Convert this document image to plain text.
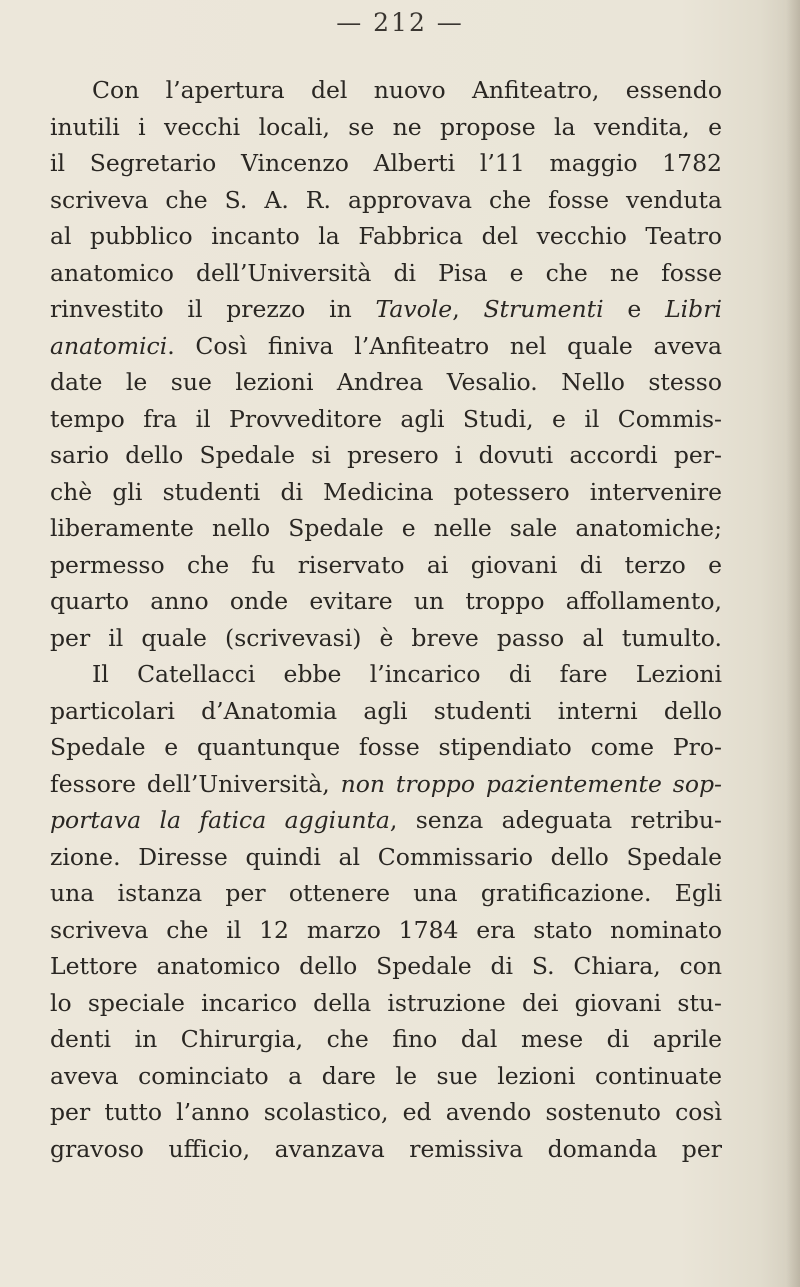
— 212 —
Con l’apertura del nuovo Anfiteatro, essendo
inutili i vecchi locali, se ne propose la vendita, e
il Segretario Vincenzo Alberti l’11 maggio 1782
scriveva che S. A. R. approvava che fosse venduta
al pubblico incanto la Fabbrica del vecchio Teatro
anatomico dell’Università di Pisa e che ne fosse
rinvestito il prezzo in Tavole, Strumenti e Libri
anatomici. Così finiva l’Anfiteatro nel quale aveva
date le sue lezioni Andrea Vesalio. Nello stesso
tempo fra il Provveditore agli Studi, e il Commis-
sario dello Spedale si presero i dovuti accordi per-
chè gli studenti di Medicina potessero intervenire
liberamente nello Spedale e nelle sale anatomiche;
permesso che fu riservato ai giovani di terzo e
quarto anno onde evitare un troppo affollamento,
per il quale (scrivevasi) è breve passo al tumulto.
Il Catellacci ebbe l’incarico di fare Lezioni
particolari d’Anatomia agli studenti interni dello
Spedale e quantunque fosse stipendiato come Pro-
fessore dell’Università, non troppo pazientemente sop-
portava la fatica aggiunta, senza adeguata retribu-
zione. Diresse quindi al Commissario dello Spedale
una istanza per ottenere una gratificazione. Egli
scriveva che il 12 marzo 1784 era stato nominato
Lettore anatomico dello Spedale di S. Chiara, con
lo speciale incarico della istruzione dei giovani stu-
denti in Chirurgia, che fino dal mese di aprile
aveva cominciato a dare le sue lezioni continuate
per tutto l’anno scolastico, ed avendo sostenuto così
gravoso ufficio, avanzava remissiva domanda per
